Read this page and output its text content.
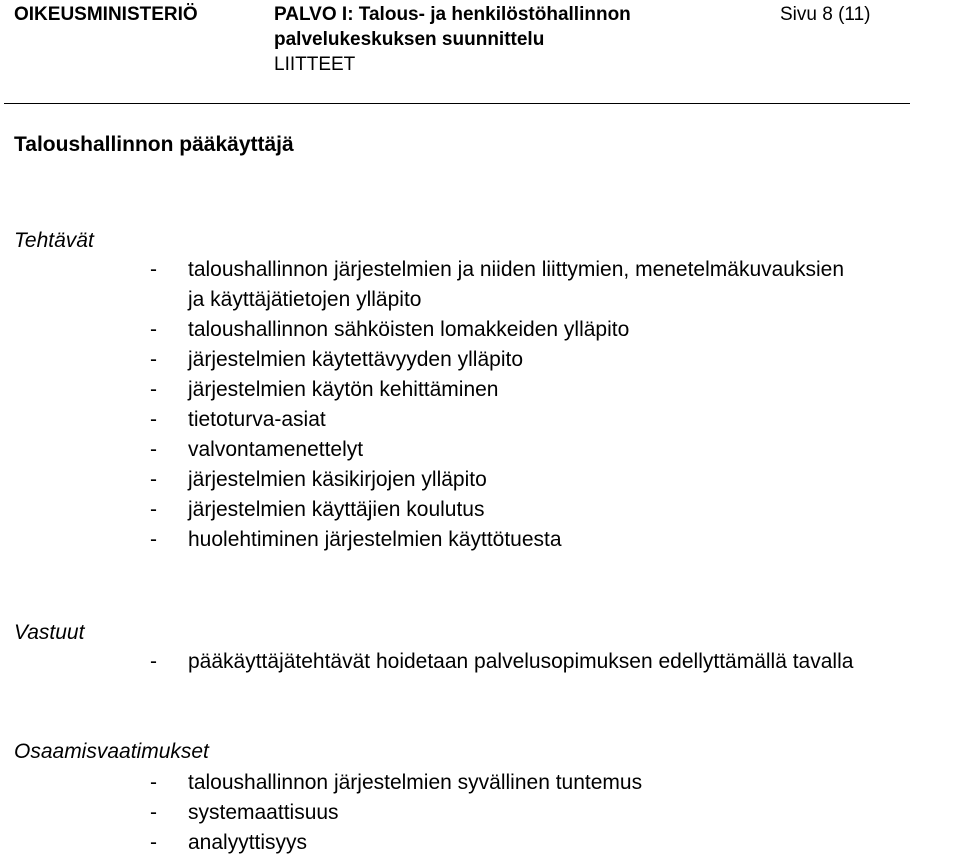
OIKEUSMINISTERIÖ	PALVO I: Talous- ja henkilöstöhallinnon
palvelukeskuksen suunnittelu
LIITTEET
Sivu 8 (11)
Taloushallinnon pääkäyttäjä
Tehtävät
- taloushallinnon järjestelmien ja niiden liittymien, menetelmäkuvauksien
ja käyttäjätietojen ylläpito
- taloushallinnon sähköisten lomakkeiden ylläpito
- järjestelmien käytettävyyden ylläpito
- järjestelmien käytön kehittäminen
- tietoturva-asiat
- valvontamenettelyt
- järjestelmien käsikirjojen ylläpito
- järjestelmien käyttäjien koulutus
- huolehtiminen järjestelmien käyttötuesta
Vastuut
- pääkäyttäjätehtävät hoidetaan palvelusopimuksen edellyttämällä tavalla
Osaamisvaatimukset
- taloushallinnon järjestelmien syvällinen tuntemus
- systemaattisuus
- analyyttisyys
